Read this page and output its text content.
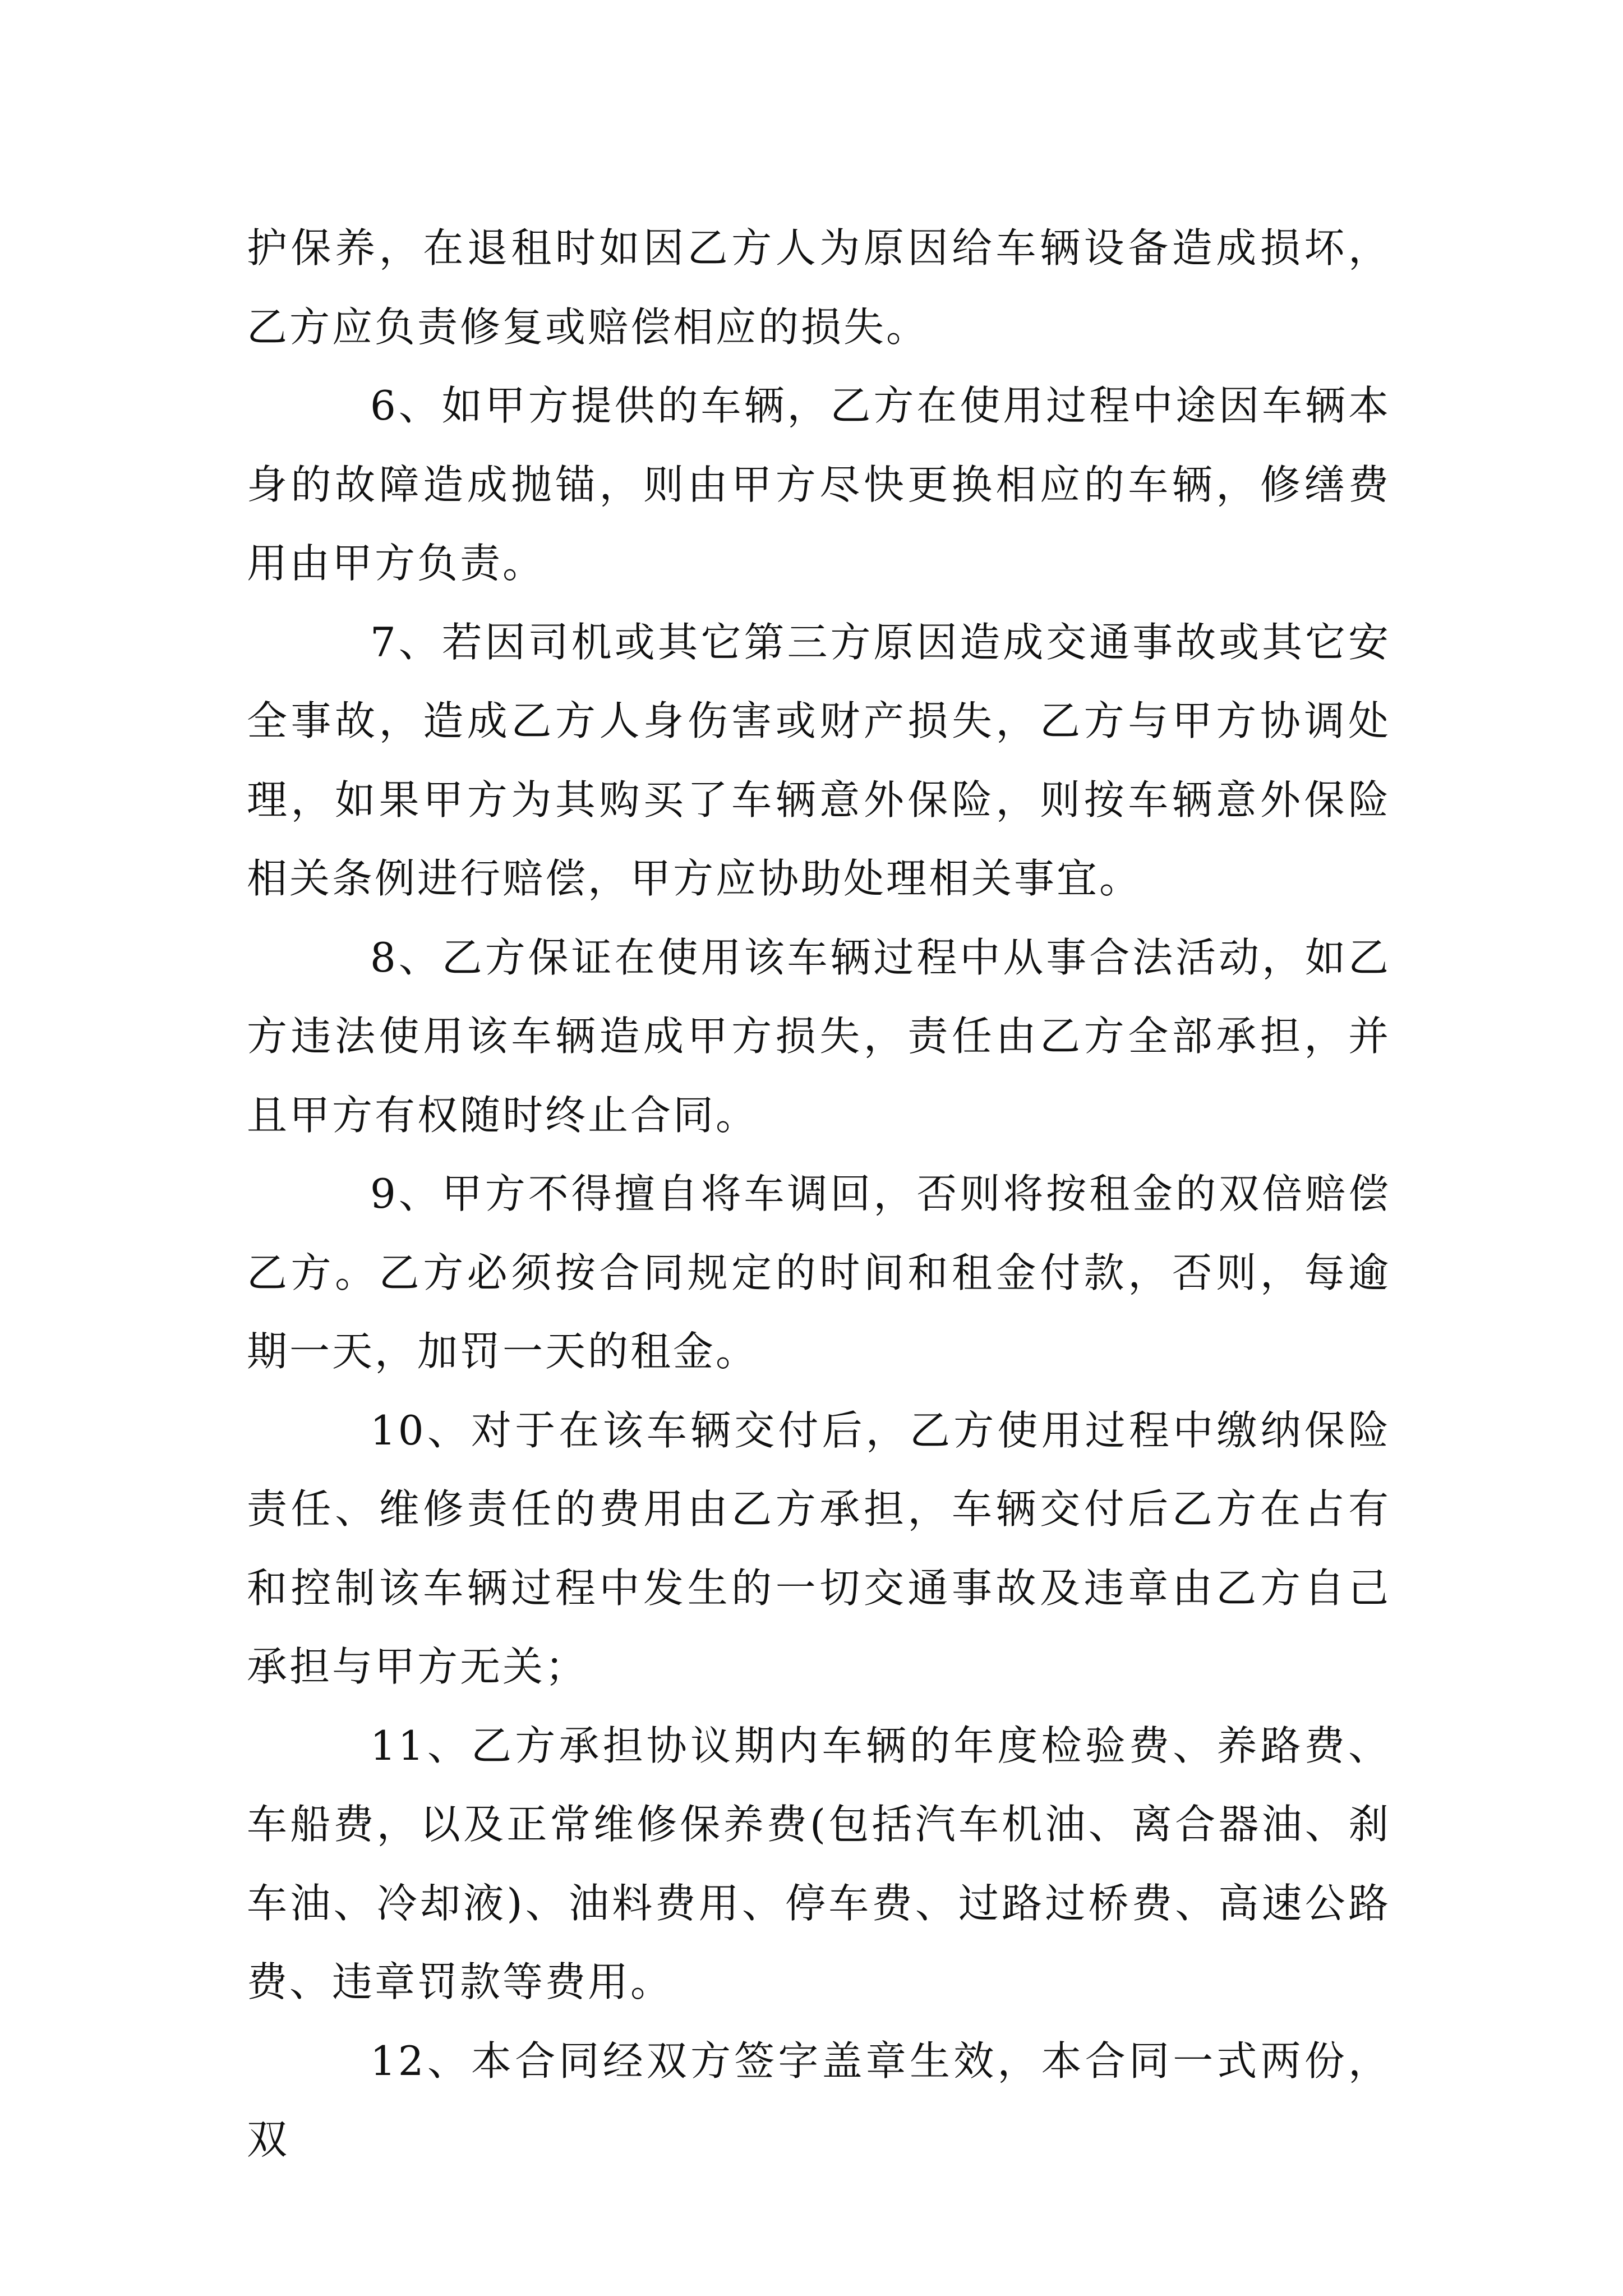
护保养，在退租时如因乙方人为原因给车辆设备造成损坏，乙方应负责修复或赔偿相应的损失。

6、如甲方提供的车辆，乙方在使用过程中途因车辆本身的故障造成抛锚，则由甲方尽快更换相应的车辆，修缮费用由甲方负责。

7、若因司机或其它第三方原因造成交通事故或其它安全事故，造成乙方人身伤害或财产损失，乙方与甲方协调处理，如果甲方为其购买了车辆意外保险，则按车辆意外保险相关条例进行赔偿，甲方应协助处理相关事宜。

8、乙方保证在使用该车辆过程中从事合法活动，如乙方违法使用该车辆造成甲方损失，责任由乙方全部承担，并且甲方有权随时终止合同。

9、甲方不得擅自将车调回，否则将按租金的双倍赔偿乙方。乙方必须按合同规定的时间和租金付款，否则，每逾期一天，加罚一天的租金。

10、对于在该车辆交付后，乙方使用过程中缴纳保险责任、维修责任的费用由乙方承担，车辆交付后乙方在占有和控制该车辆过程中发生的一切交通事故及违章由乙方自己承担与甲方无关；

11、乙方承担协议期内车辆的年度检验费、养路费、车船费，以及正常维修保养费(包括汽车机油、离合器油、刹车油、冷却液)、油料费用、停车费、过路过桥费、高速公路费、违章罚款等费用。

12、本合同经双方签字盖章生效，本合同一式两份，双
